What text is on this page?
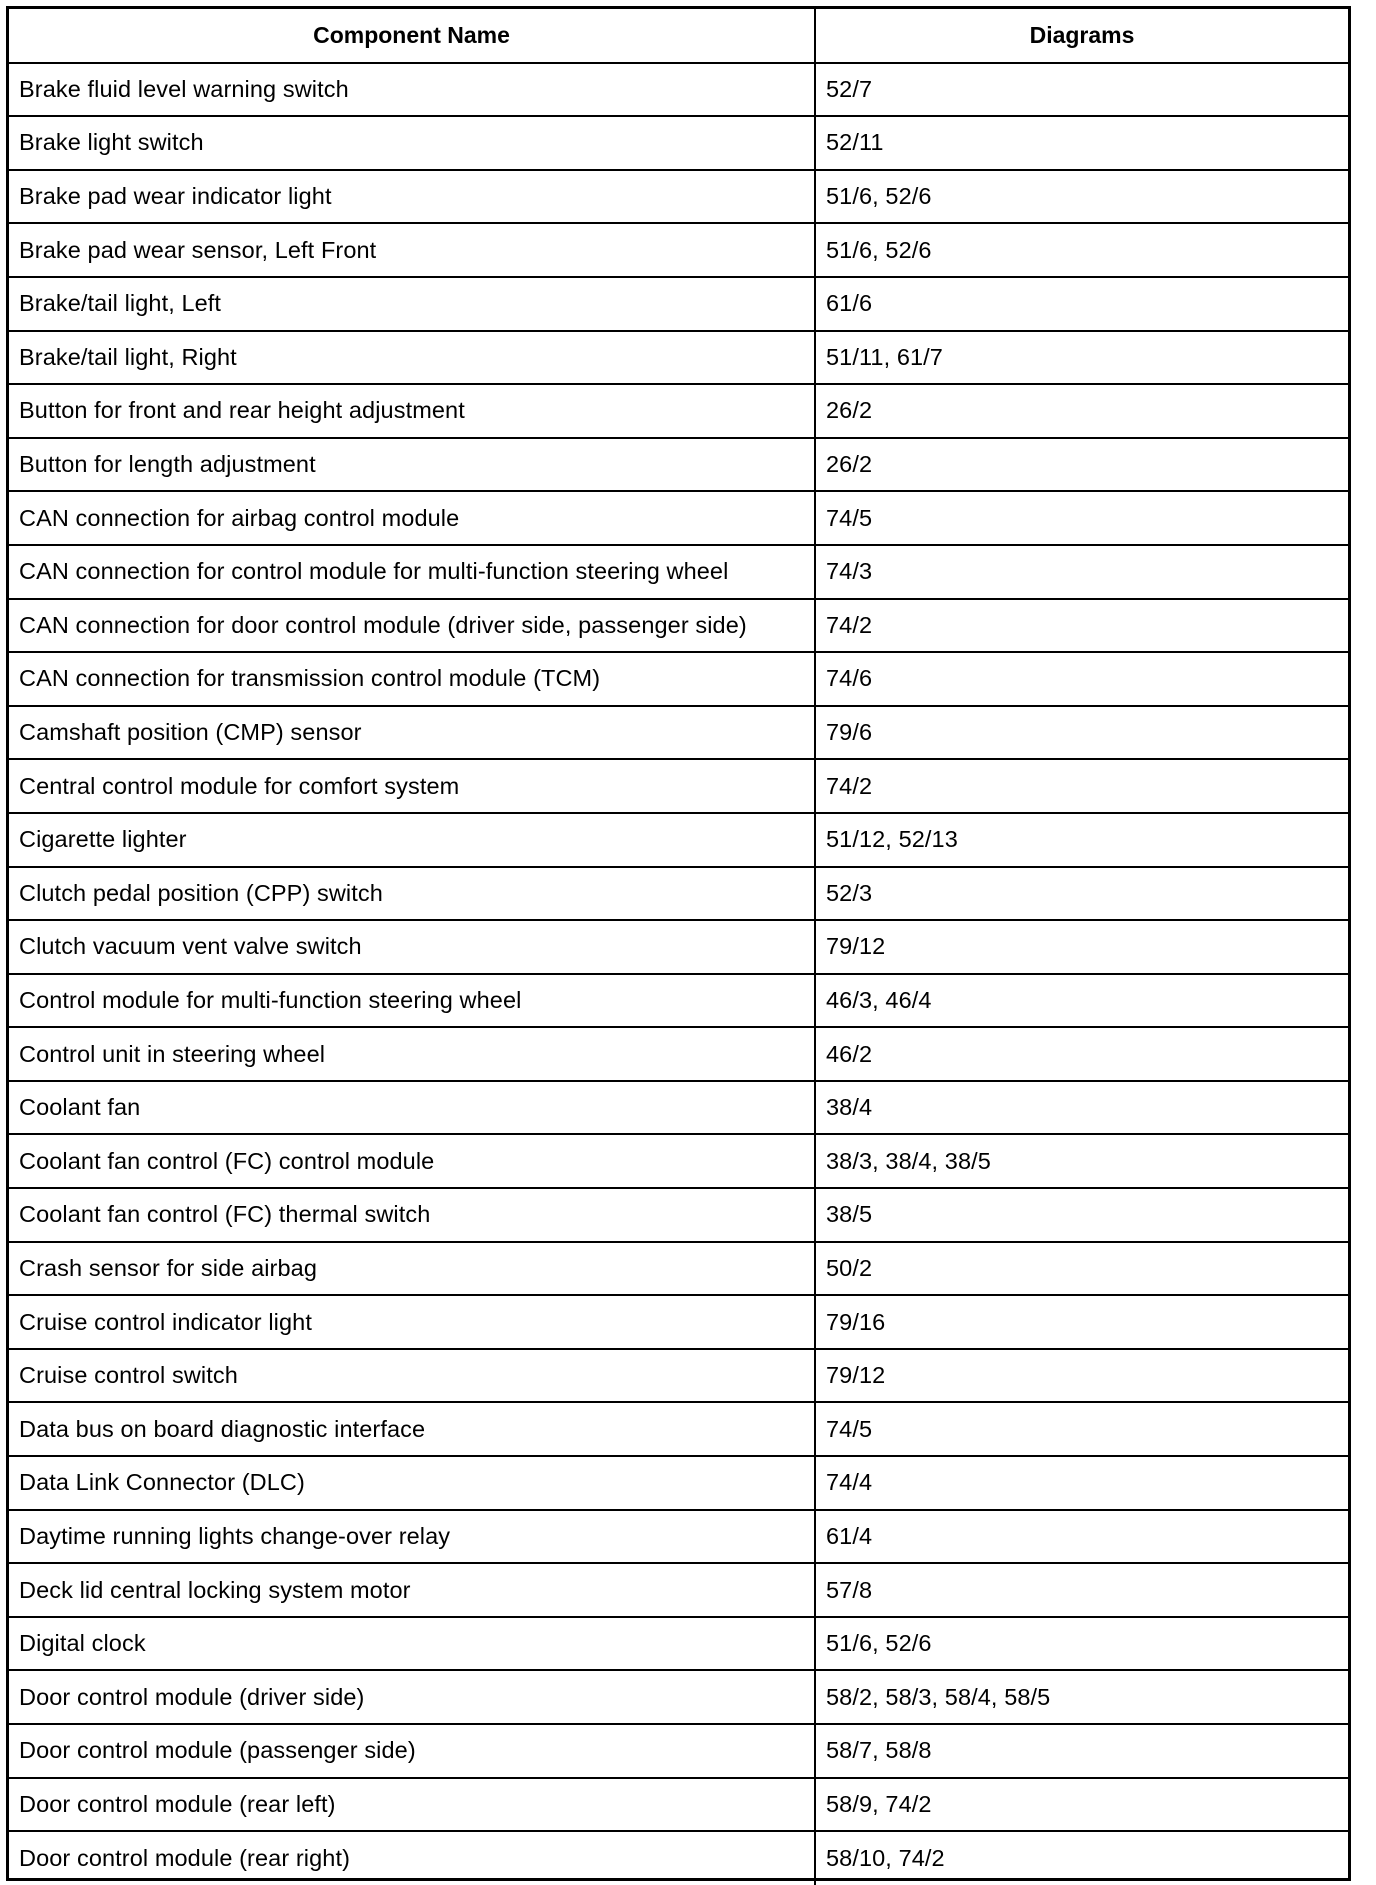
Component Name	Diagrams
Brake fluid level warning switch	52/7
Brake light switch	52/11
Brake pad wear indicator light	51/6, 52/6
Brake pad wear sensor, Left Front	51/6, 52/6
Brake/tail light, Left	61/6
Brake/tail light, Right	51/11, 61/7
Button for front and rear height adjustment	26/2
Button for length adjustment	26/2
CAN connection for airbag control module	74/5
CAN connection for control module for multi-function steering wheel	74/3
CAN connection for door control module (driver side, passenger side)	74/2
CAN connection for transmission control module (TCM)	74/6
Camshaft position (CMP) sensor	79/6
Central control module for comfort system	74/2
Cigarette lighter	51/12, 52/13
Clutch pedal position (CPP) switch	52/3
Clutch vacuum vent valve switch	79/12
Control module for multi-function steering wheel	46/3, 46/4
Control unit in steering wheel	46/2
Coolant fan	38/4
Coolant fan control (FC) control module	38/3, 38/4, 38/5
Coolant fan control (FC) thermal switch	38/5
Crash sensor for side airbag	50/2
Cruise control indicator light	79/16
Cruise control switch	79/12
Data bus on board diagnostic interface	74/5
Data Link Connector (DLC)	74/4
Daytime running lights change-over relay	61/4
Deck lid central locking system motor	57/8
Digital clock	51/6, 52/6
Door control module (driver side)	58/2, 58/3, 58/4, 58/5
Door control module (passenger side)	58/7, 58/8
Door control module (rear left)	58/9, 74/2
Door control module (rear right)	58/10, 74/2
